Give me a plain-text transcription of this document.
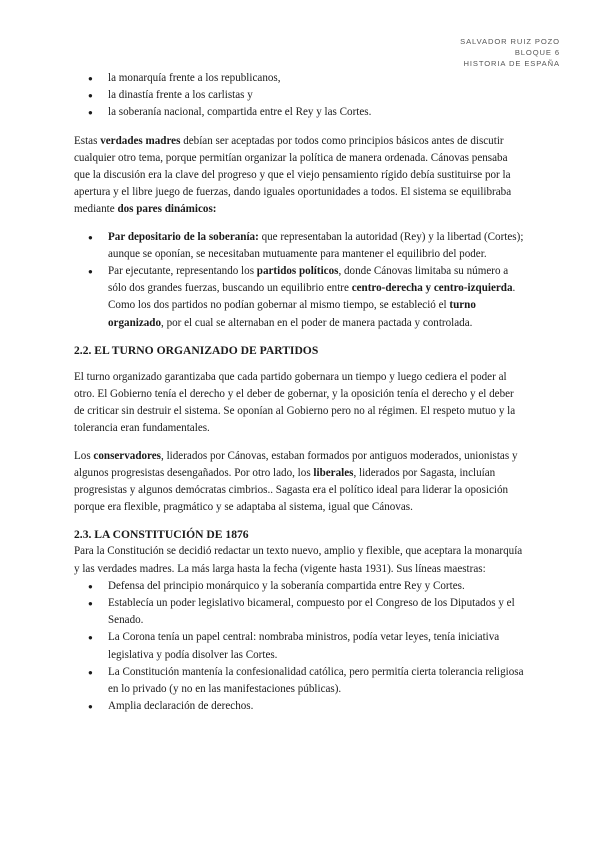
SALVADOR RUIZ POZO
BLOQUE 6
HISTORIA DE ESPAÑA
● la monarquía frente a los republicanos,
● la dinastía frente a los carlistas y
● la soberanía nacional, compartida entre el Rey y las Cortes.

Estas verdades madres debían ser aceptadas por todos como principios básicos antes de discutir cualquier otro tema, porque permitían organizar la política de manera ordenada. Cánovas pensaba que la discusión era la clave del progreso y que el viejo pensamiento rígido debía sustituirse por la apertura y el libre juego de fuerzas, dando iguales oportunidades a todos. El sistema se equilibraba mediante dos pares dinámicos:

● Par depositario de la soberanía: que representaban la autoridad (Rey) y la libertad (Cortes); aunque se oponían, se necesitaban mutuamente para mantener el equilibrio del poder.
● Par ejecutante, representando los partidos políticos, donde Cánovas limitaba su número a sólo dos grandes fuerzas, buscando un equilibrio entre centro-derecha y centro-izquierda. Como los dos partidos no podían gobernar al mismo tiempo, se estableció el turno organizado, por el cual se alternaban en el poder de manera pactada y controlada.
2.2. EL TURNO ORGANIZADO DE PARTIDOS

El turno organizado garantizaba que cada partido gobernara un tiempo y luego cediera el poder al otro. El Gobierno tenía el derecho y el deber de gobernar, y la oposición tenía el derecho y el deber de criticar sin destruir el sistema. Se oponían al Gobierno pero no al régimen. El respeto mutuo y la tolerancia eran fundamentales.

Los conservadores, liderados por Cánovas, estaban formados por antiguos moderados, unionistas y algunos progresistas desengañados. Por otro lado, los liberales, liderados por Sagasta, incluían progresistas y algunos demócratas cimbrios.. Sagasta era el político ideal para liderar la oposición porque era flexible, pragmático y se adaptaba al sistema, igual que Cánovas.

2.3. LA CONSTITUCIÓN DE 1876

Para la Constitución se decidió redactar un texto nuevo, amplio y flexible, que aceptara la monarquía y las verdades madres. La más larga hasta la fecha (vigente hasta 1931). Sus líneas maestras:

● Defensa del principio monárquico y la soberanía compartida entre Rey y Cortes.
● Establecía un poder legislativo bicameral, compuesto por el Congreso de los Diputados y el Senado.
● La Corona tenía un papel central: nombraba ministros, podía vetar leyes, tenía iniciativa legislativa y podía disolver las Cortes.
● La Constitución mantenía la confesionalidad católica, pero permitía cierta tolerancia religiosa en lo privado (y no en las manifestaciones públicas).
● Amplia declaración de derechos.
